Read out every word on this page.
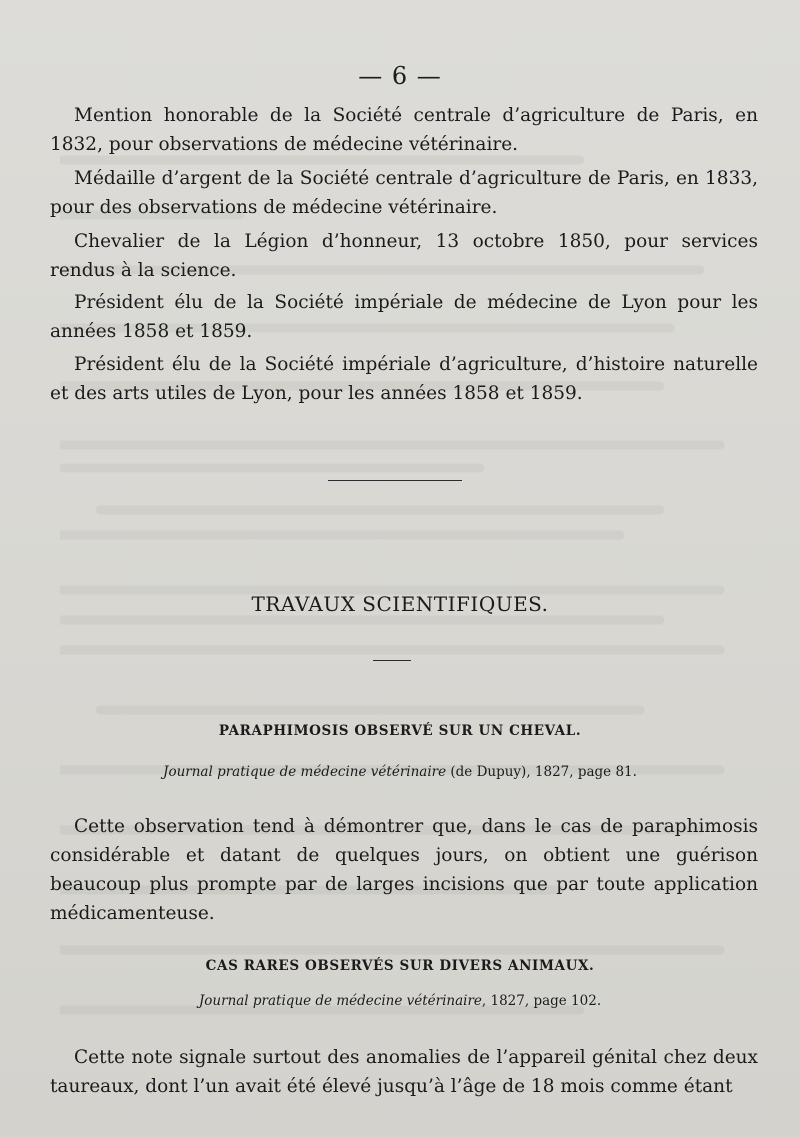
— 6 —
Mention honorable de la Société centrale d’agriculture de Paris, en 1832, pour observations de médecine vétérinaire.
Médaille d’argent de la Société centrale d’agriculture de Paris, en 1833, pour des observations de médecine vétérinaire.
Chevalier de la Légion d’honneur, 13 octobre 1850, pour services rendus à la science.
Président élu de la Société impériale de médecine de Lyon pour les années 1858 et 1859.
Président élu de la Société impériale d’agriculture, d’histoire naturelle et des arts utiles de Lyon, pour les années 1858 et 1859.
TRAVAUX SCIENTIFIQUES.
PARAPHIMOSIS OBSERVÉ SUR UN CHEVAL.
Journal pratique de médecine vétérinaire (de Dupuy), 1827, page 81.
Cette observation tend à démontrer que, dans le cas de paraphimosis considérable et datant de quelques jours, on obtient une guérison beaucoup plus prompte par de larges incisions que par toute application médicamenteuse.
CAS RARES OBSERVÉS SUR DIVERS ANIMAUX.
Journal pratique de médecine vétérinaire, 1827, page 102.
Cette note signale surtout des anomalies de l’appareil génital chez deux taureaux, dont l’un avait été élevé jusqu’à l’âge de 18 mois comme étant
